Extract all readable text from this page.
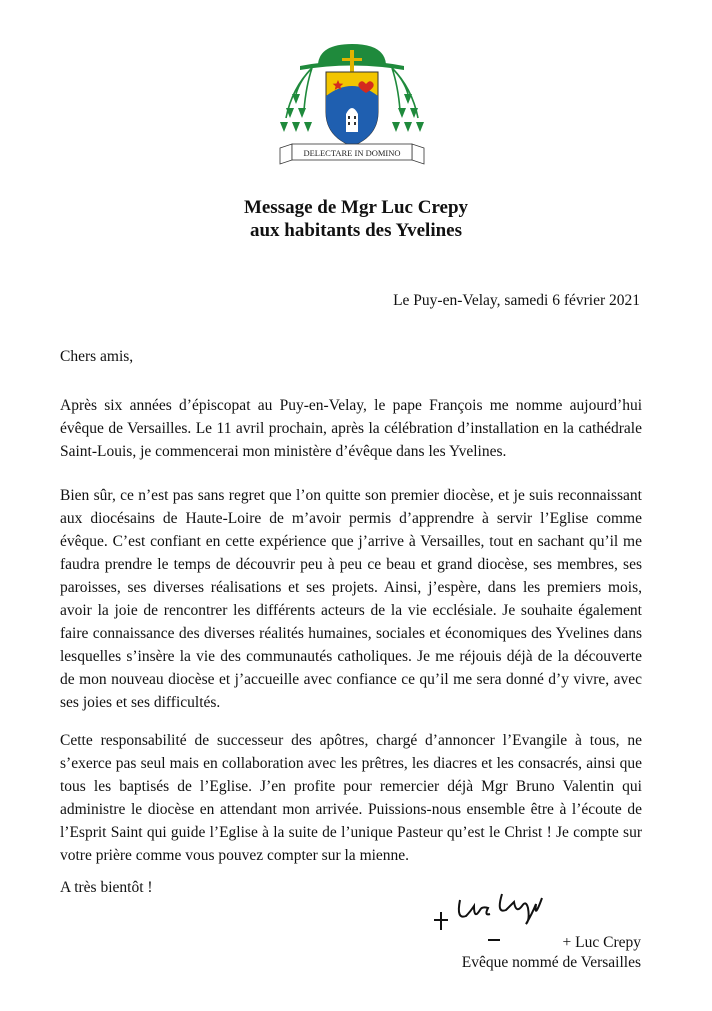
DELECTARE IN DOMINO
Message de Mgr Luc Crepy
aux habitants des Yvelines
Le Puy-en-Velay, samedi 6 février 2021

Chers amis,

Après six années d’épiscopat au Puy-en-Velay, le pape François me nomme aujourd’hui évêque de Versailles. Le 11 avril prochain, après la célébration d’installation en la cathédrale Saint-Louis, je commencerai mon ministère d’évêque dans les Yvelines.

Bien sûr, ce n’est pas sans regret que l’on quitte son premier diocèse, et je suis reconnaissant aux diocésains de Haute-Loire de m’avoir permis d’apprendre à servir l’Eglise comme évêque. C’est confiant en cette expérience que j’arrive à Versailles, tout en sachant qu’il me faudra prendre le temps de découvrir peu à peu ce beau et grand diocèse, ses membres, ses paroisses, ses diverses réalisations et ses projets. Ainsi, j’espère, dans les premiers mois, avoir la joie de rencontrer les différents acteurs de la vie ecclésiale. Je souhaite également faire connaissance des diverses réalités humaines, sociales et économiques des Yvelines dans lesquelles s’insère la vie des communautés catholiques. Je me réjouis déjà de la découverte de mon nouveau diocèse et j’accueille avec confiance ce qu’il me sera donné d’y vivre, avec ses joies et ses difficultés.

Cette responsabilité de successeur des apôtres, chargé d’annoncer l’Evangile à tous, ne s’exerce pas seul mais en collaboration avec les prêtres, les diacres et les consacrés, ainsi que tous les baptisés de l’Eglise. J’en profite pour remercier déjà Mgr Bruno Valentin qui administre le diocèse en attendant mon arrivée. Puissions-nous ensemble être à l’écoute de l’Esprit Saint qui guide l’Eglise à la suite de l’unique Pasteur qu’est le Christ ! Je compte sur votre prière comme vous pouvez compter sur la mienne.

A très bientôt !

+ Luc Crepy
Evêque nommé de Versailles
